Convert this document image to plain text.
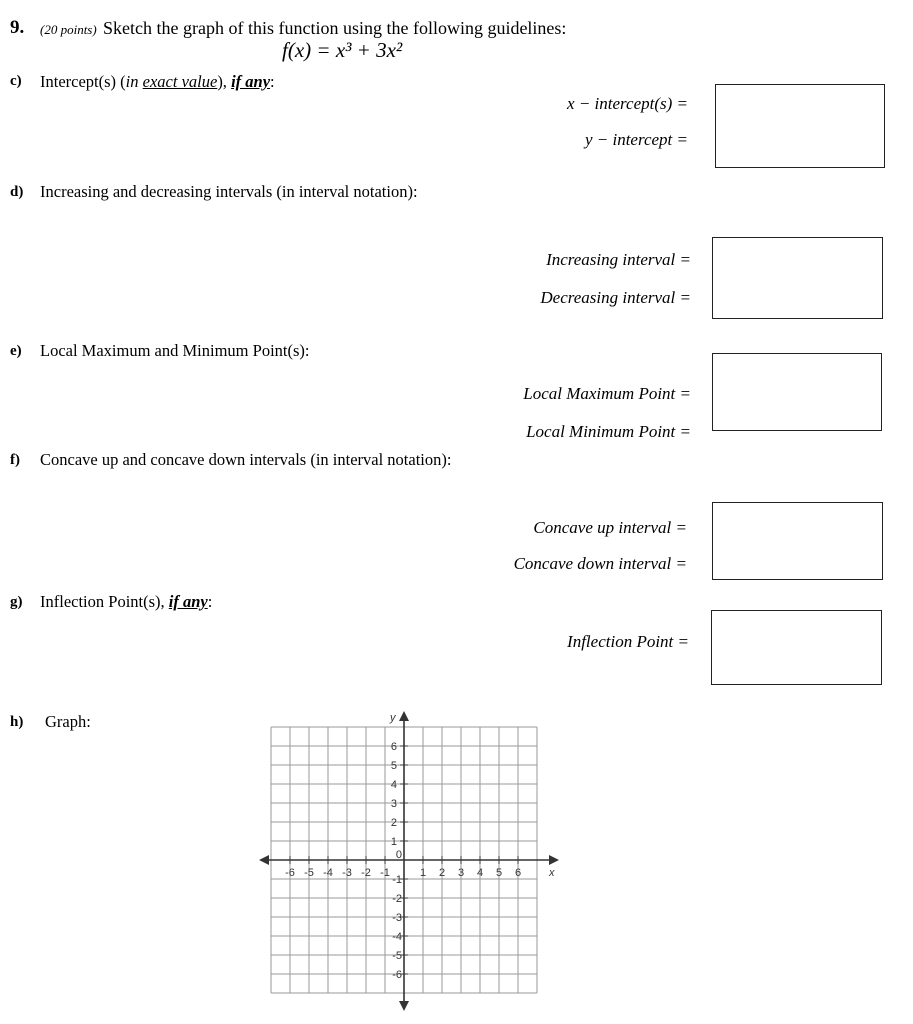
9. (20 points) Sketch the graph of this function using the following guidelines:
f(x) = x³ + 3x²
c) Intercept(s) (in exact value), if any:
x − intercept(s) =
y − intercept =
d) Increasing and decreasing intervals (in interval notation):
Increasing interval =
Decreasing interval =
e) Local Maximum and Minimum Point(s):
Local Maximum Point =
Local Minimum Point =
f) Concave up and concave down intervals (in interval notation):
Concave up interval =
Concave down interval =
g) Inflection Point(s), if any:
Inflection Point =
h) Graph:
x
y
0
-6 -5 -4 -3 -2 -1	1 2 3 4 5 6
6
5
4
3
2
1
-1
-2
-3
-4
-5
-6
